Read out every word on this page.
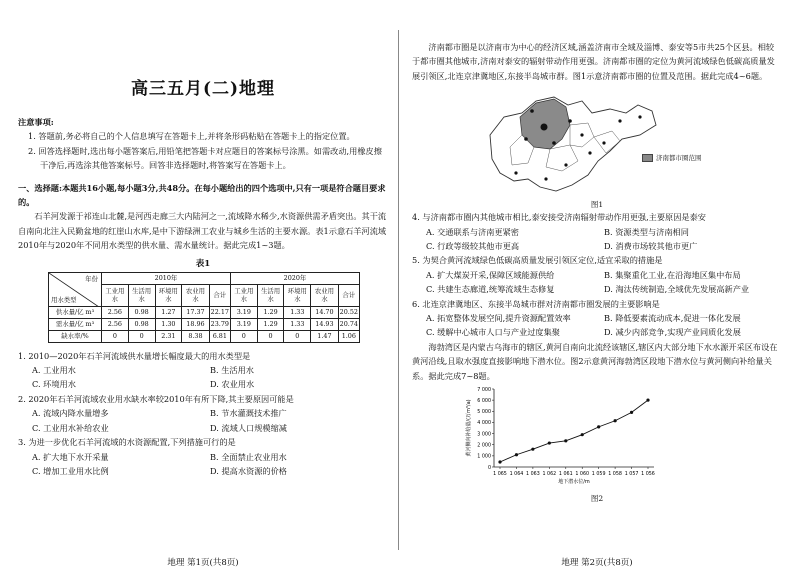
高三五月(二)地理

注意事项:

1. 答题前,务必将自己的个人信息填写在答题卡上,并将条形码粘贴在答题卡上的指定位置。

2. 回答选择题时,选出每小题答案后,用铅笔把答题卡对应题目的答案标号涂黑。如需改动,用橡皮擦干净后,再选涂其他答案标号。回答非选择题时,将答案写在答题卡上。

一、选择题:本题共16小题,每小题3分,共48分。在每小题给出的四个选项中,只有一项是符合题目要求的。

石羊河发源于祁连山北麓,是河西走廊三大内陆河之一,流域降水稀少,水资源供需矛盾突出。其干流自南向北注入民勤盆地的红崖山水库,是中下游绿洲工农业与城乡生活的主要水源。表1示意石羊河流域2010年与2020年不同用水类型的供水量、需水量统计。据此完成1~3题。

表1
年份
用水类型	2010年					2020年				
	工业用水	生活用水	环境用水	农业用水	合计	工业用水	生活用水	环境用水	农业用水	合计
供水量/亿 m³	2.56	0.98	1.27	17.37	22.17	3.19	1.29	1.33	14.70	20.52
需水量/亿 m³	2.56	0.98	1.30	18.96	23.79	3.19	1.29	1.33	14.93	20.74
缺水率/%	0	0	2.31	8.38	6.81	0	0	0	1.47	1.06

1. 2010—2020年石羊河流域供水量增长幅度最大的用水类型是

A. 工业用水	B. 生活用水
C. 环境用水	D. 农业用水

2. 2020年石羊河流域农业用水缺水率较2010年有所下降,其主要原因可能是

A. 流域内降水量增多	B. 节水灌溉技术推广
C. 工业用水补给农业	D. 流域人口规模缩减

3. 为进一步优化石羊河流域的水资源配置,下列措施可行的是

A. 扩大地下水开采量	B. 全面禁止农业用水
C. 增加工业用水比例	D. 提高水资源的价格
地理 第1页(共8页)

济南都市圈是以济南市为中心的经济区域,涵盖济南市全域及淄博、泰安等5市共25个区县。相较于都市圈其他城市,济南对泰安的辐射带动作用更强。济南都市圈的定位为黄河流域绿色低碳高质量发展引领区,北连京津冀地区,东接半岛城市群。图1示意济南都市圈的位置及范围。据此完成4~6题。

济南都市圈范围
图1

4. 与济南都市圈内其他城市相比,泰安接受济南辐射带动作用更强,主要原因是泰安

A. 交通联系与济南更紧密	B. 资源类型与济南相同
C. 行政等级较其他市更高	D. 消费市场较其他市更广

5. 为契合黄河流域绿色低碳高质量发展引领区定位,适宜采取的措施是

A. 扩大煤炭开采,保障区域能源供给	B. 集聚重化工业,在沿海地区集中布局
C. 共建生态廊道,统筹流域生态修复	D. 淘汰传统制造,全域优先发展高新产业

6. 北连京津冀地区、东接半岛城市群对济南都市圈发展的主要影响是

A. 拓宽整体发展空间,提升资源配置效率	B. 降低要素流动成本,促进一体化发展
C. 缓解中心城市人口与产业过度集聚	D. 减少内部竞争,实现产业同质化发展

海勃湾区是内蒙古乌海市的辖区,黄河自南向北流经该辖区,辖区内大部分地下水水源开采区布设在黄河沿线,且取水强度直接影响地下潜水位。图2示意黄河海勃湾区段地下潜水位与黄河侧向补给量关系。据此完成7~8题。

0
1 000
2 000
3 000
4 000
5 000
6 000
7 000
1 065 1 064 1 063 1 062 1 061 1 060 1 059 1 058 1 057 1 056
地下潜水位/m
黄河侧向补给量/(万m³/a)
图2
地理 第2页(共8页)
